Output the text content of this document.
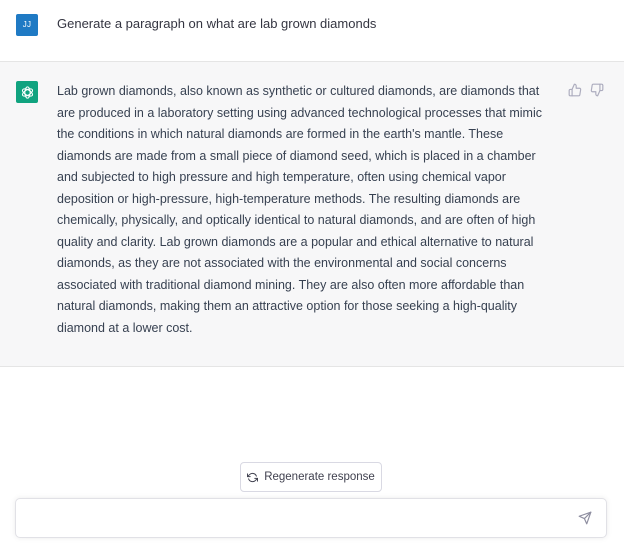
JJ	Generate a paragraph on what are lab grown diamonds
Lab grown diamonds, also known as synthetic or cultured diamonds, are diamonds that
are produced in a laboratory setting using advanced technological processes that mimic
the conditions in which natural diamonds are formed in the earth's mantle. These
diamonds are made from a small piece of diamond seed, which is placed in a chamber
and subjected to high pressure and high temperature, often using chemical vapor
deposition or high-pressure, high-temperature methods. The resulting diamonds are
chemically, physically, and optically identical to natural diamonds, and are often of high
quality and clarity. Lab grown diamonds are a popular and ethical alternative to natural
diamonds, as they are not associated with the environmental and social concerns
associated with traditional diamond mining. They are also often more affordable than
natural diamonds, making them an attractive option for those seeking a high-quality
diamond at a lower cost.
Regenerate response
